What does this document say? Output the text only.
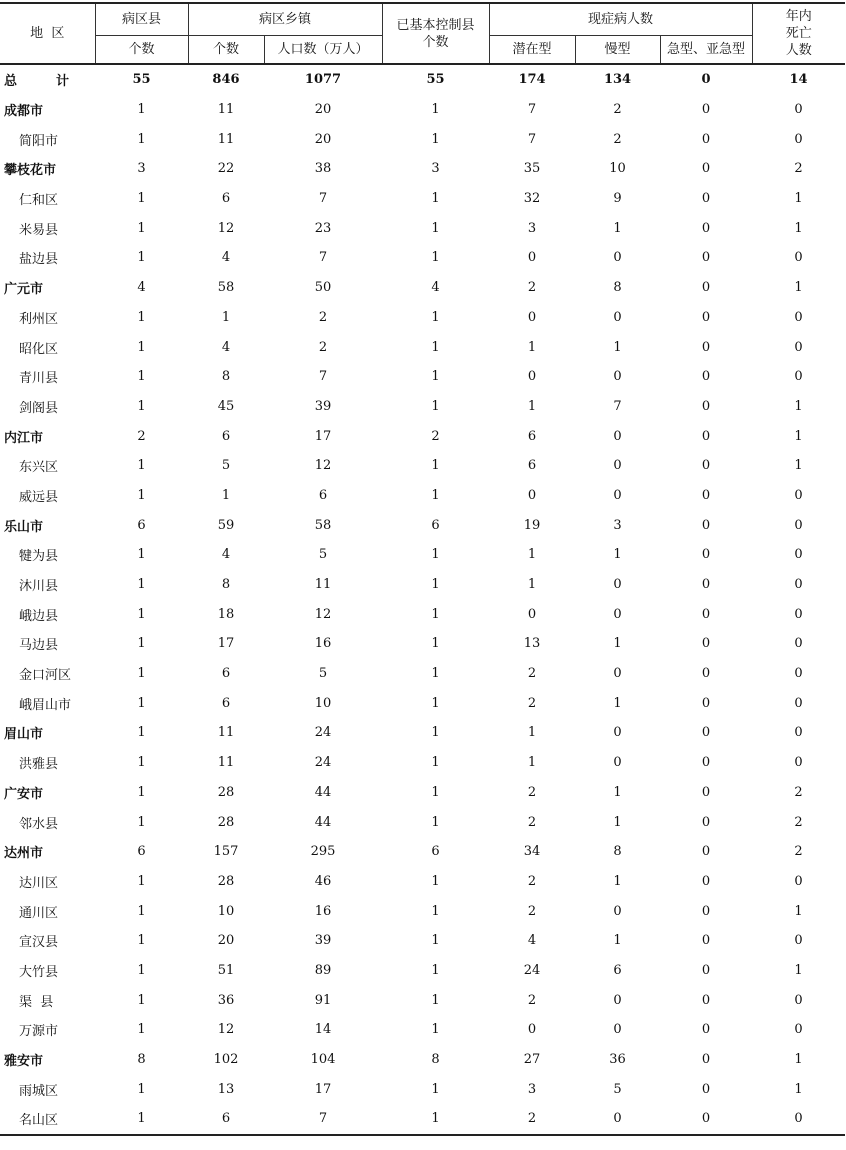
地  区	病区县	病区乡镇		已基本控制县个数	现症病人数			年内死亡人数

	个数	个数	人口数（万人）		潜在型	慢型	急型、亚急型	
总  计	55	846	1077	55	174	134	0	14
成都市	1	11	20	1	7	2	0	0
简阳市	1	11	20	1	7	2	0	0
攀枝花市	3	22	38	3	35	10	0	2
仁和区	1	6	7	1	32	9	0	1
米易县	1	12	23	1	3	1	0	1
盐边县	1	4	7	1	0	0	0	0
广元市	4	58	50	4	2	8	0	1
利州区	1	1	2	1	0	0	0	0
昭化区	1	4	2	1	1	1	0	0
青川县	1	8	7	1	0	0	0	0
剑阁县	1	45	39	1	1	7	0	1
内江市	2	6	17	2	6	0	0	1
东兴区	1	5	12	1	6	0	0	1
威远县	1	1	6	1	0	0	0	0
乐山市	6	59	58	6	19	3	0	0
犍为县	1	4	5	1	1	1	0	0
沐川县	1	8	11	1	1	0	0	0
峨边县	1	18	12	1	0	0	0	0
马边县	1	17	16	1	13	1	0	0
金口河区	1	6	5	1	2	0	0	0
峨眉山市	1	6	10	1	2	1	0	0
眉山市	1	11	24	1	1	0	0	0
洪雅县	1	11	24	1	1	0	0	0
广安市	1	28	44	1	2	1	0	2
邻水县	1	28	44	1	2	1	0	2
达州市	6	157	295	6	34	8	0	2
达川区	1	28	46	1	2	1	0	0
通川区	1	10	16	1	2	0	0	1
宣汉县	1	20	39	1	4	1	0	0
大竹县	1	51	89	1	24	6	0	1
渠  县	1	36	91	1	2	0	0	0
万源市	1	12	14	1	0	0	0	0
雅安市	8	102	104	8	27	36	0	1
雨城区	1	13	17	1	3	5	0	1
名山区	1	6	7	1	2	0	0	0
